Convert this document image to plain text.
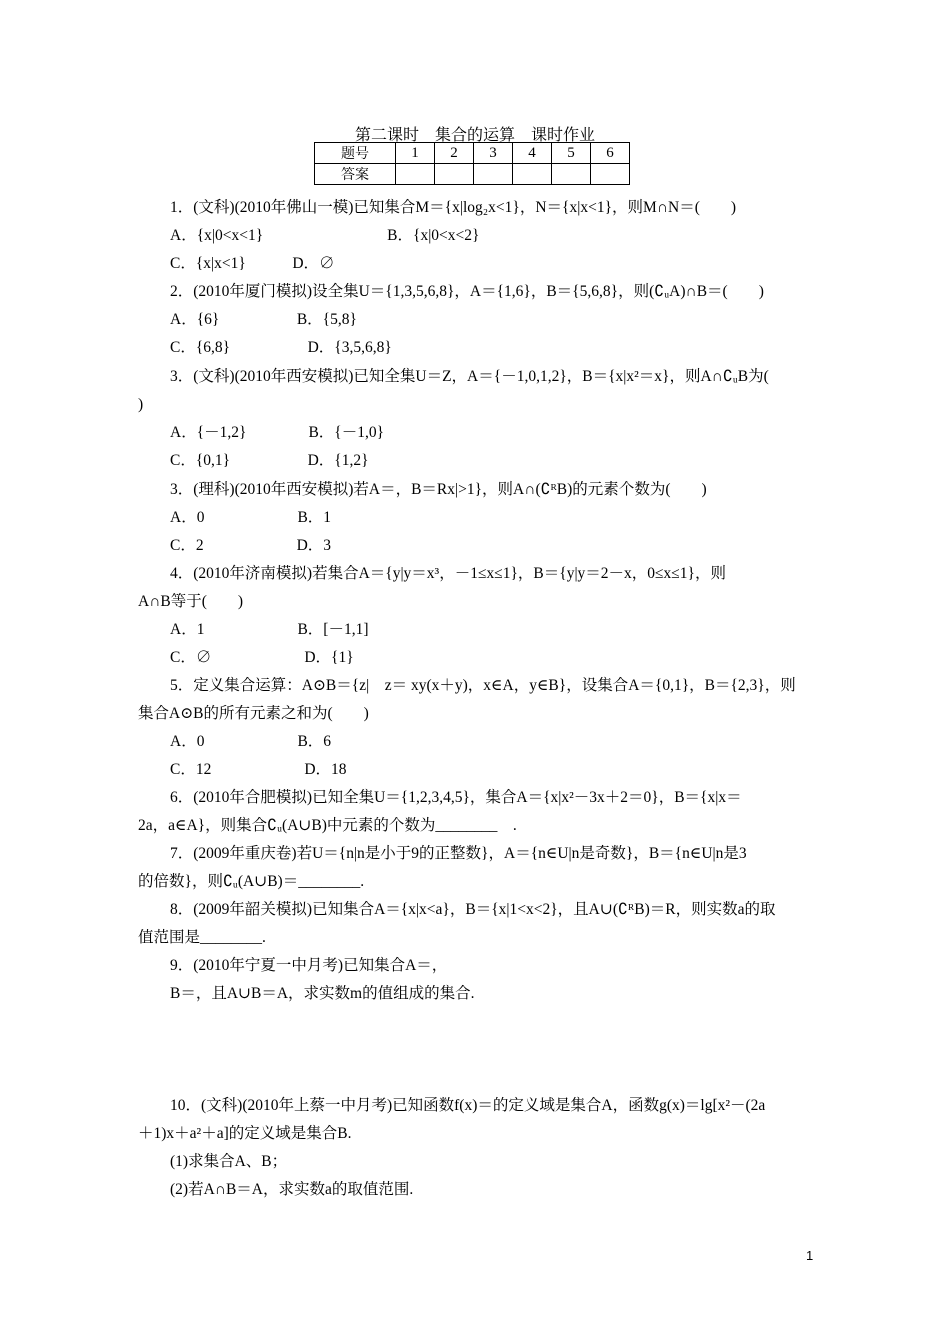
第二课时　集合的运算　课时作业
题号	1	2	3	4	5	6
答案						
1．(文科)(2010年佛山一模)已知集合M＝{x|log₂x<1}，N＝{x|x<1}，则M∩N＝(　　)
A．{x|0<x<1}　　　　　　　　B．{x|0<x<2}
C．{x|x<1}　　　D．∅
2．(2010年厦门模拟)设全集U＝{1,3,5,6,8}，A＝{1,6}，B＝{5,6,8}，则(∁ᵤA)∩B＝(　　)
A．{6}　　　　　B．{5,8}
C．{6,8}　　　　　D．{3,5,6,8}
3．(文科)(2010年西安模拟)已知全集U＝Z，A＝{－1,0,1,2}，B＝{x|x²＝x}，则A∩∁ᵤB为(
)
A．{－1,2}　　　　B．{－1,0}
C．{0,1}　　　　　D．{1,2}
3．(理科)(2010年西安模拟)若A＝，B＝Rx|>1}，则A∩(∁ᴿB)的元素个数为(　　)
A．0　　　　　　B．1
C．2　　　　　　D．3
4．(2010年济南模拟)若集合A＝{y|y＝x³，－1≤x≤1}，B＝{y|y＝2－x，0≤x≤1}，则
A∩B等于(　　)
A．1　　　　　　B．[－1,1]
C．∅　　　　　　D．{1}
5．定义集合运算：A⊙B＝{z|　z＝ xy(x＋y)，x∈A，y∈B}，设集合A＝{0,1}，B＝{2,3}，则
集合A⊙B的所有元素之和为(　　)
A．0　　　　　　B．6
C．12　　　　　　D．18
6．(2010年合肥模拟)已知全集U＝{1,2,3,4,5}，集合A＝{x|x²－3x＋2＝0}，B＝{x|x＝
2a，a∈A}，则集合∁ᵤ(A∪B)中元素的个数为________　.
7．(2009年重庆卷)若U＝{n|n是小于9的正整数}，A＝{n∈U|n是奇数}，B＝{n∈U|n是3
的倍数}，则∁ᵤ(A∪B)＝________.
8．(2009年韶关模拟)已知集合A＝{x|x<a}，B＝{x|1<x<2}，且A∪(∁ᴿB)＝R，则实数a的取
值范围是________.
9．(2010年宁夏一中月考)已知集合A＝，
B＝，且A∪B＝A，求实数m的值组成的集合.
10．(文科)(2010年上蔡一中月考)已知函数f(x)＝的定义域是集合A，函数g(x)＝lg[x²－(2a
＋1)x＋a²＋a]的定义域是集合B.
(1)求集合A、B；
(2)若A∩B＝A，求实数a的取值范围.
1
